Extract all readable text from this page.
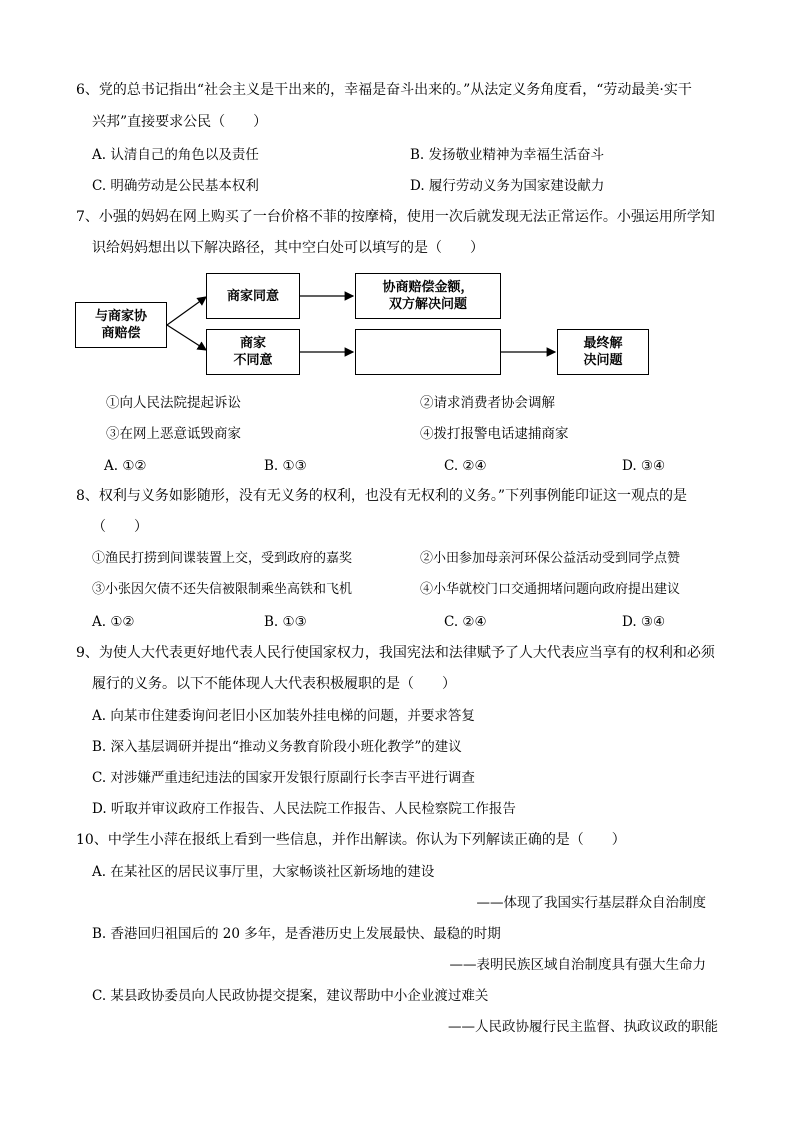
6、党的总书记指出“社会主义是干出来的，幸福是奋斗出来的。”从法定义务角度看，“劳动最美·实干
兴邦”直接要求公民（　　）
A. 认清自己的角色以及责任	B. 发扬敬业精神为幸福生活奋斗
C. 明确劳动是公民基本权利	D. 履行劳动义务为国家建设献力
7、小强的妈妈在网上购买了一台价格不菲的按摩椅，使用一次后就发现无法正常运作。小强运用所学知
识给妈妈想出以下解决路径，其中空白处可以填写的是（　　）
与商家协
商赔偿
商家同意
协商赔偿金额，
双方解决问题
商家
不同意
最终解
决问题
①向人民法院提起诉讼	②请求消费者协会调解
③在网上恶意诋毁商家	④拨打报警电话逮捕商家
A. ①②	B. ①③	C. ②④	D. ③④
8、权利与义务如影随形，没有无义务的权利，也没有无权利的义务。”下列事例能印证这一观点的是
（　　）
①渔民打捞到间谍装置上交，受到政府的嘉奖	②小田参加母亲河环保公益活动受到同学点赞
③小张因欠债不还失信被限制乘坐高铁和飞机	④小华就校门口交通拥堵问题向政府提出建议
A. ①②	B. ①③	C. ②④	D. ③④
9、为使人大代表更好地代表人民行使国家权力，我国宪法和法律赋予了人大代表应当享有的权利和必须
履行的义务。以下不能体现人大代表积极履职的是（　　）
A. 向某市住建委询问老旧小区加装外挂电梯的问题，并要求答复
B. 深入基层调研并提出“推动义务教育阶段小班化教学”的建议
C. 对涉嫌严重违纪违法的国家开发银行原副行长李吉平进行调查
D. 听取并审议政府工作报告、人民法院工作报告、人民检察院工作报告
10、中学生小萍在报纸上看到一些信息，并作出解读。你认为下列解读正确的是（　　）
A. 在某社区的居民议事厅里，大家畅谈社区新场地的建设
——体现了我国实行基层群众自治制度
B. 香港回归祖国后的 20 多年，是香港历史上发展最快、最稳的时期
——表明民族区域自治制度具有强大生命力
C. 某县政协委员向人民政协提交提案，建议帮助中小企业渡过难关
——人民政协履行民主监督、执政议政的职能
